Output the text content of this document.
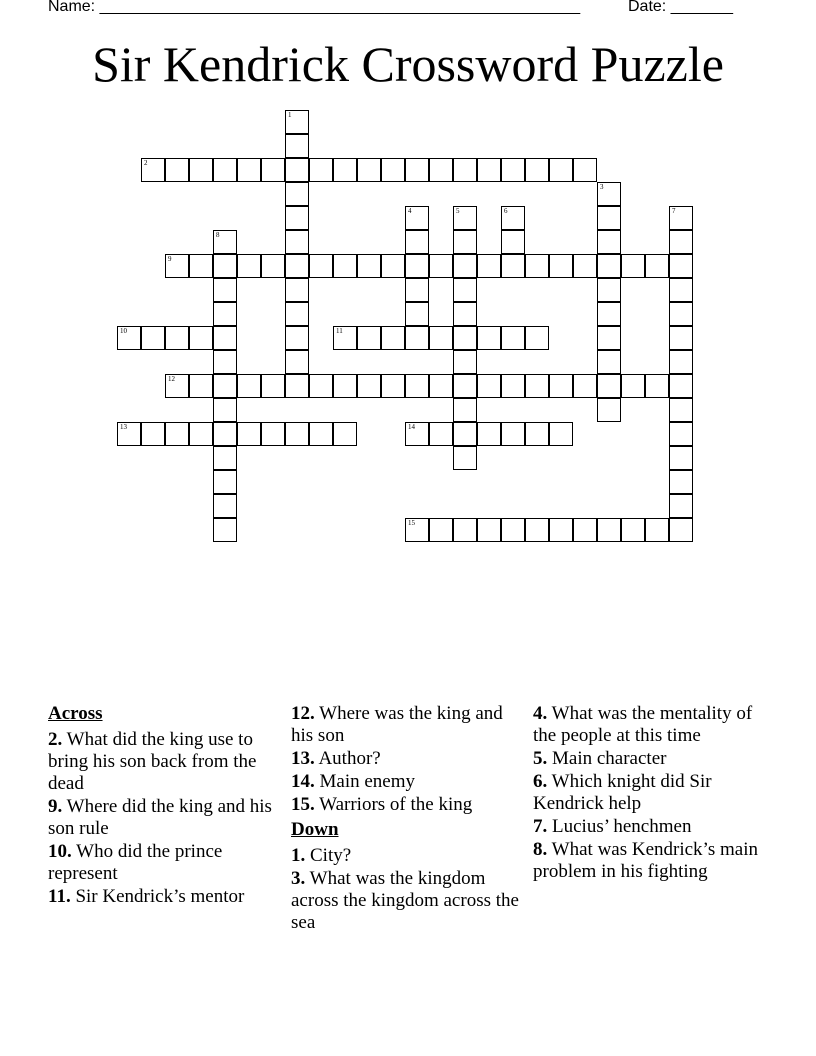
Name: ______________________________________________________	Date: _______
Sir Kendrick Crossword Puzzle
1
2
3
4	5	6	7
8
9
10	11
12
13	14
15
Across
2. What did the king use to bring his son back from the dead
9. Where did the king and his son rule
10. Who did the prince represent
11. Sir Kendrick’s mentor
12. Where was the king and his son
13. Author?
14. Main enemy
15. Warriors of the king
Down
1. City?
3. What was the kingdom across the kingdom across the sea
4. What was the mentality of the people at this time
5. Main character
6. Which knight did Sir Kendrick help
7. Lucius’ henchmen
8. What was Kendrick’s main problem in his fighting
